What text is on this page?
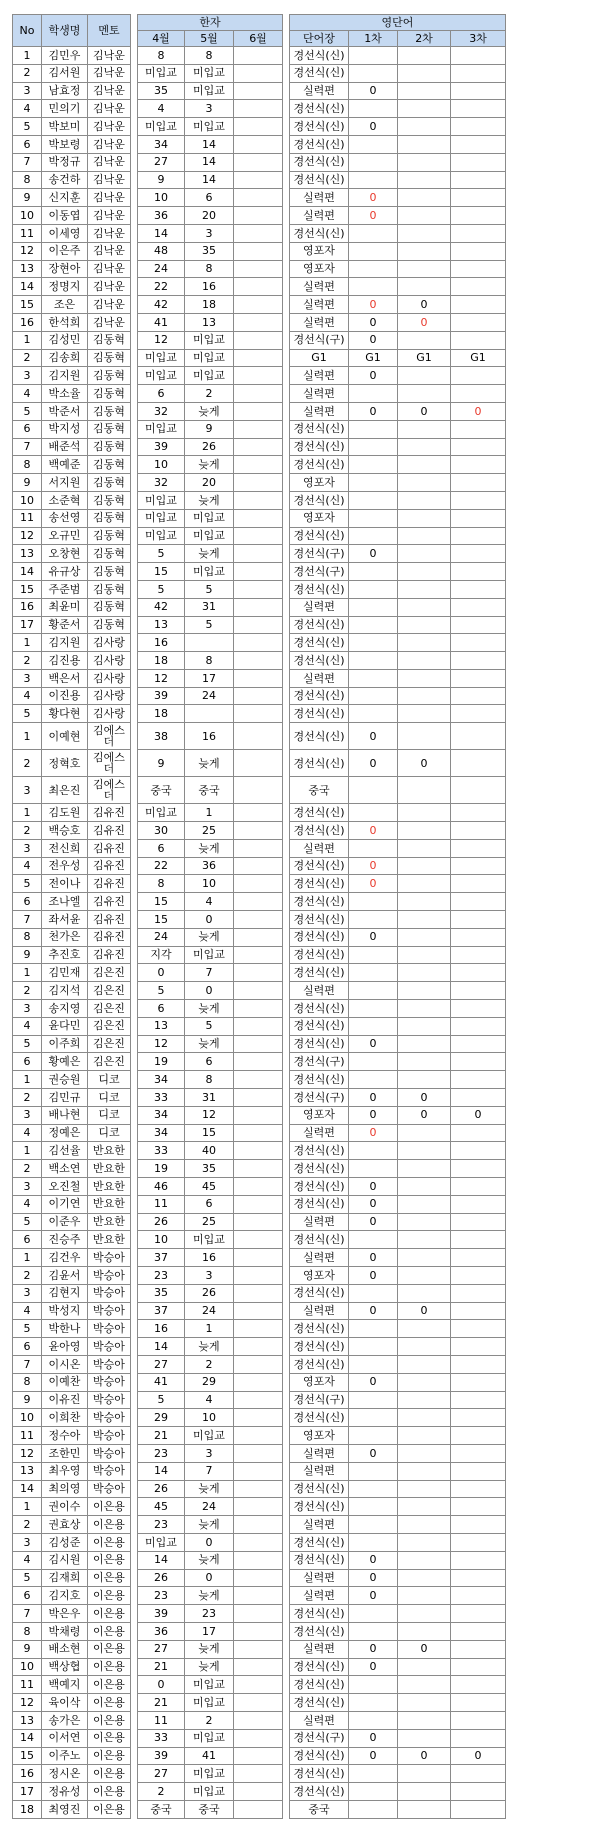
No	학생명	멘토		한자				영단어			
				4월	5월	6월		단어장	1차	2차	3차
1	김민우	김낙운		8	8			경선식(신)			
2	김서원	김낙운		미입교	미입교			경선식(신)			
3	남효정	김낙운		35	미입교			실력편	0		
4	민의기	김낙운		4	3			경선식(신)			
5	박보미	김낙운		미입교	미입교			경선식(신)	0		
6	박보령	김낙운		34	14			경선식(신)			
7	박정규	김낙운		27	14			경선식(신)			
8	송건하	김낙운		9	14			경선식(신)			
9	신지훈	김낙운		10	6			실력편	0		
10	이동엽	김낙운		36	20			실력편	0		
11	이세영	김낙운		14	3			경선식(신)			
12	이은주	김낙운		48	35			영포자			
13	장현아	김낙운		24	8			영포자			
14	정명지	김낙운		22	16			실력편			
15	조은	김낙운		42	18			실력편	0	0	
16	한석희	김낙운		41	13			실력편	0	0	
1	김성민	김동혁		12	미입교			경선식(구)	0		
2	김송희	김동혁		미입교	미입교			G1	G1	G1	G1
3	김지원	김동혁		미입교	미입교			실력편	0		
4	박소율	김동혁		6	2			실력편			
5	박준서	김동혁		32	늦게			실력편	0	0	0
6	박지성	김동혁		미입교	9			경선식(신)			
7	배준석	김동혁		39	26			경선식(신)			
8	백예준	김동혁		10	늦게			경선식(신)			
9	서지원	김동혁		32	20			영포자			
10	소준혁	김동혁		미입교	늦게			경선식(신)			
11	송선영	김동혁		미입교	미입교			영포자			
12	오규민	김동혁		미입교	미입교			경선식(신)			
13	오창현	김동혁		5	늦게			경선식(구)	0		
14	유규상	김동혁		15	미입교			경선식(구)			
15	주준범	김동혁		5	5			경선식(신)			
16	최윤미	김동혁		42	31			실력편			
17	황준서	김동혁		13	5			경선식(신)			
1	김지원	김사랑		16				경선식(신)			
2	김진용	김사랑		18	8			경선식(신)			
3	백은서	김사랑		12	17			실력편			
4	이진용	김사랑		39	24			경선식(신)			
5	황다현	김사랑		18				경선식(신)			
1	이예현	김에스더		38	16			경선식(신)	0		
2	정혁호	김에스더		9	늦게			경선식(신)	0	0	
3	최은진	김에스더		중국	중국			중국			
1	김도원	김유진		미입교	1			경선식(신)			
2	백승호	김유진		30	25			경선식(신)	0		
3	전신희	김유진		6	늦게			실력편			
4	전우성	김유진		22	36			경선식(신)	0		
5	전이나	김유진		8	10			경선식(신)	0		
6	조나엘	김유진		15	4			경선식(신)			
7	좌서윤	김유진		15	0			경선식(신)			
8	천가은	김유진		24	늦게			경선식(신)	0		
9	추진호	김유진		지각	미입교			경선식(신)			
1	김민재	김은진		0	7			경선식(신)			
2	김지석	김은진		5	0			실력편			
3	송지영	김은진		6	늦게			경선식(신)			
4	윤다민	김은진		13	5			경선식(신)			
5	이주희	김은진		12	늦게			경선식(신)	0		
6	황예은	김은진		19	6			경선식(구)			
1	권승원	디코		34	8			경선식(신)			
2	김민규	디코		33	31			경선식(구)	0	0	
3	배나현	디코		34	12			영포자	0	0	0
4	정예은	디코		34	15			실력편	0		
1	김선율	반요한		33	40			경선식(신)			
2	백소연	반요한		19	35			경선식(신)			
3	오진철	반요한		46	45			경선식(신)	0		
4	이기연	반요한		11	6			경선식(신)	0		
5	이준우	반요한		26	25			실력편	0		
6	진승주	반요한		10	미입교			경선식(신)			
1	김건우	박승아		37	16			실력편	0		
2	김윤서	박승아		23	3			영포자	0		
3	김현지	박승아		35	26			경선식(신)			
4	박성지	박승아		37	24			실력편	0	0	
5	박한나	박승아		16	1			경선식(신)			
6	윤아영	박승아		14	늦게			경선식(신)			
7	이시온	박승아		27	2			경선식(신)			
8	이예찬	박승아		41	29			영포자	0		
9	이유진	박승아		5	4			경선식(구)			
10	이희찬	박승아		29	10			경선식(신)			
11	정수아	박승아		21	미입교			영포자			
12	조한민	박승아		23	3			실력편	0		
13	최우영	박승아		14	7			실력편			
14	최의영	박승아		26	늦게			경선식(신)			
1	권이수	이은용		45	24			경선식(신)			
2	권효상	이은용		23	늦게			실력편			
3	김성준	이은용		미입교	0			경선식(신)			
4	김시원	이은용		14	늦게			경선식(신)	0		
5	김재희	이은용		26	0			실력편	0		
6	김지호	이은용		23	늦게			실력편	0		
7	박은우	이은용		39	23			경선식(신)			
8	박채령	이은용		36	17			경선식(신)			
9	배소현	이은용		27	늦게			실력편	0	0	
10	백상협	이은용		21	늦게			경선식(신)	0		
11	백예지	이은용		0	미입교			경선식(신)			
12	육이삭	이은용		21	미입교			경선식(신)			
13	송가은	이은용		11	2			실력편			
14	이서연	이은용		33	미입교			경선식(구)	0		
15	이주노	이은용		39	41			경선식(신)	0	0	0
16	정시온	이은용		27	미입교			경선식(신)			
17	정유성	이은용		2	미입교			경선식(신)			
18	최영진	이은용		중국	중국			중국			
